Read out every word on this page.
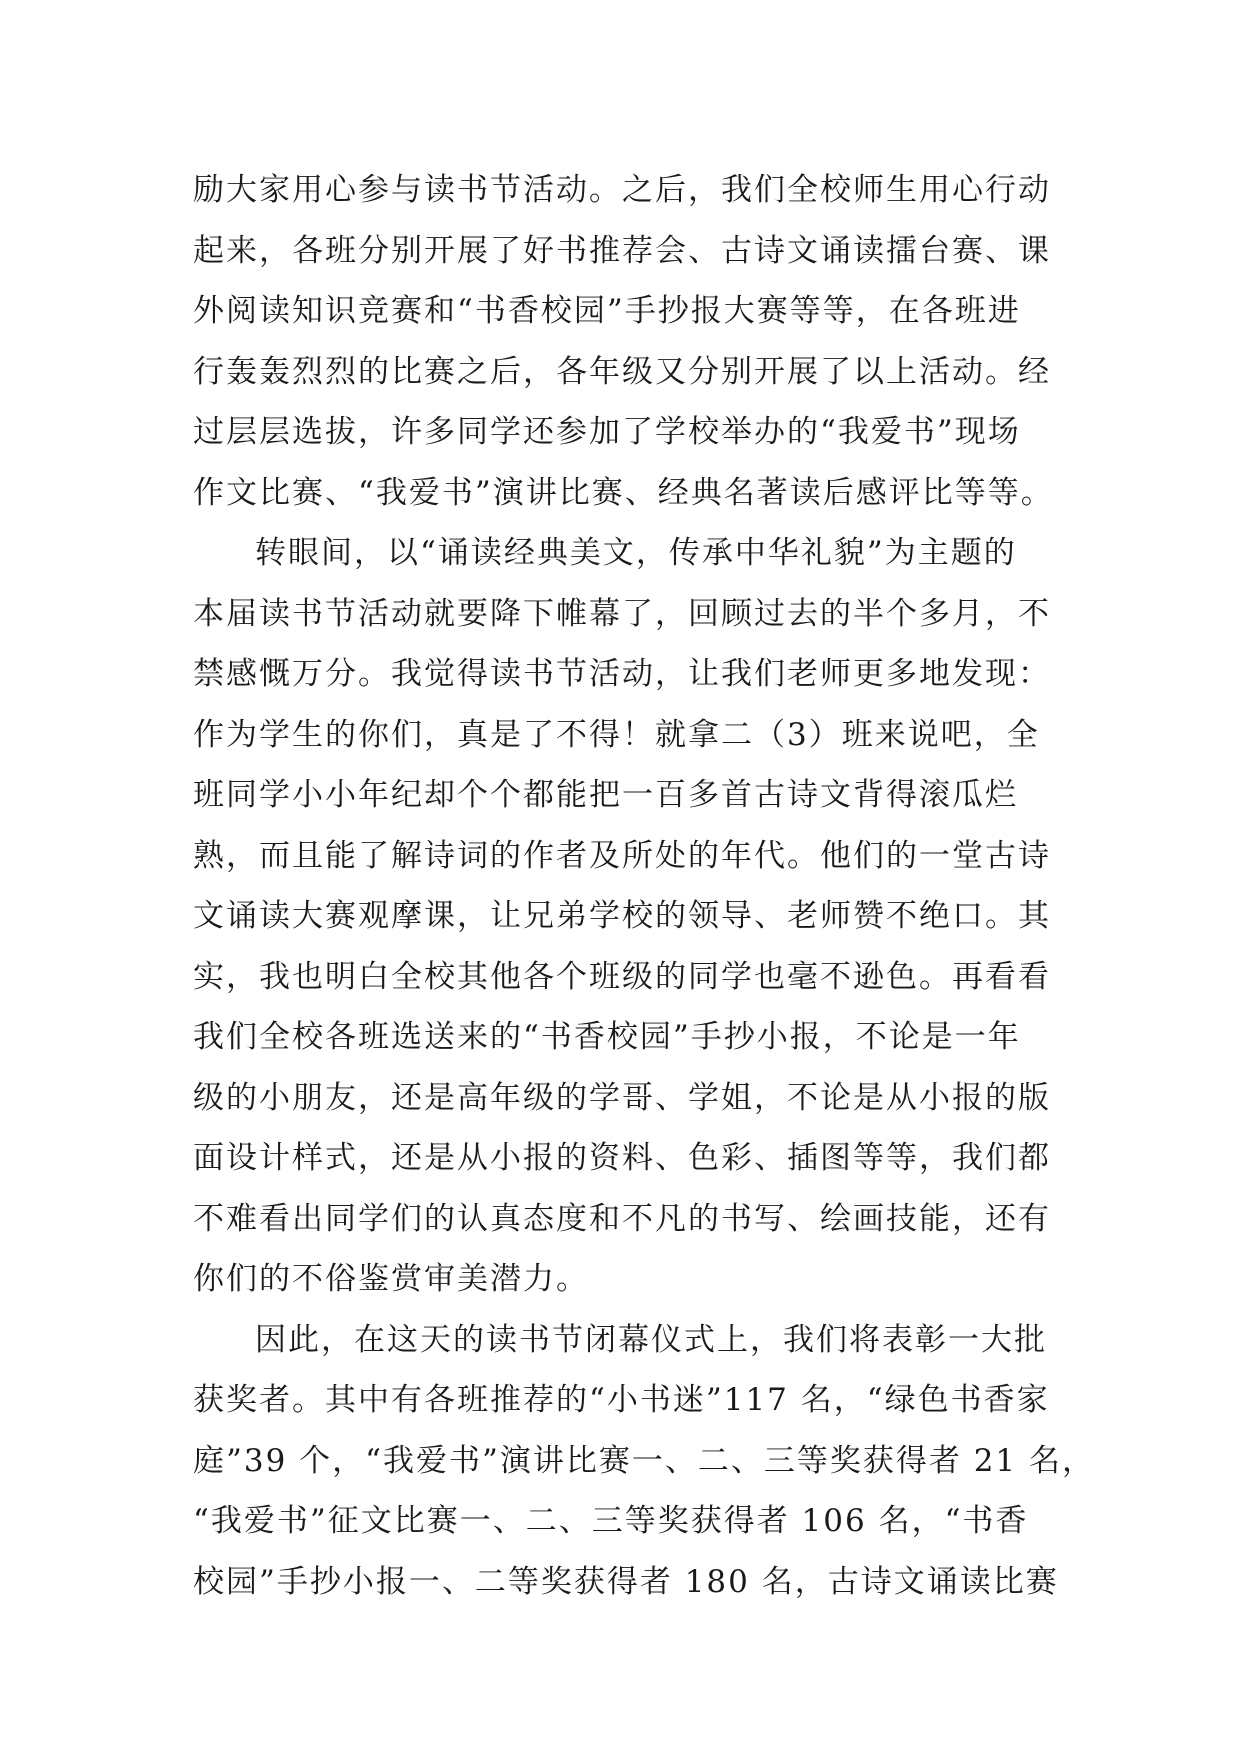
励大家用心参与读书节活动。之后，我们全校师生用心行动
起来，各班分别开展了好书推荐会、古诗文诵读擂台赛、课
外阅读知识竞赛和“书香校园”手抄报大赛等等，在各班进
行轰轰烈烈的比赛之后，各年级又分别开展了以上活动。经
过层层选拔，许多同学还参加了学校举办的“我爱书”现场
作文比赛、“我爱书”演讲比赛、经典名著读后感评比等等。
转眼间，以“诵读经典美文，传承中华礼貌”为主题的
本届读书节活动就要降下帷幕了，回顾过去的半个多月，不
禁感慨万分。我觉得读书节活动，让我们老师更多地发现：
作为学生的你们，真是了不得！就拿二（3）班来说吧，全
班同学小小年纪却个个都能把一百多首古诗文背得滚瓜烂
熟，而且能了解诗词的作者及所处的年代。他们的一堂古诗
文诵读大赛观摩课，让兄弟学校的领导、老师赞不绝口。其
实，我也明白全校其他各个班级的同学也毫不逊色。再看看
我们全校各班选送来的“书香校园”手抄小报，不论是一年
级的小朋友，还是高年级的学哥、学姐，不论是从小报的版
面设计样式，还是从小报的资料、色彩、插图等等，我们都
不难看出同学们的认真态度和不凡的书写、绘画技能，还有
你们的不俗鉴赏审美潜力。
因此，在这天的读书节闭幕仪式上，我们将表彰一大批
获奖者。其中有各班推荐的“小书迷”117 名，“绿色书香家
庭”39 个，“我爱书”演讲比赛一、二、三等奖获得者 21 名，
“我爱书”征文比赛一、二、三等奖获得者 106 名，“书香
校园”手抄小报一、二等奖获得者 180 名，古诗文诵读比赛
